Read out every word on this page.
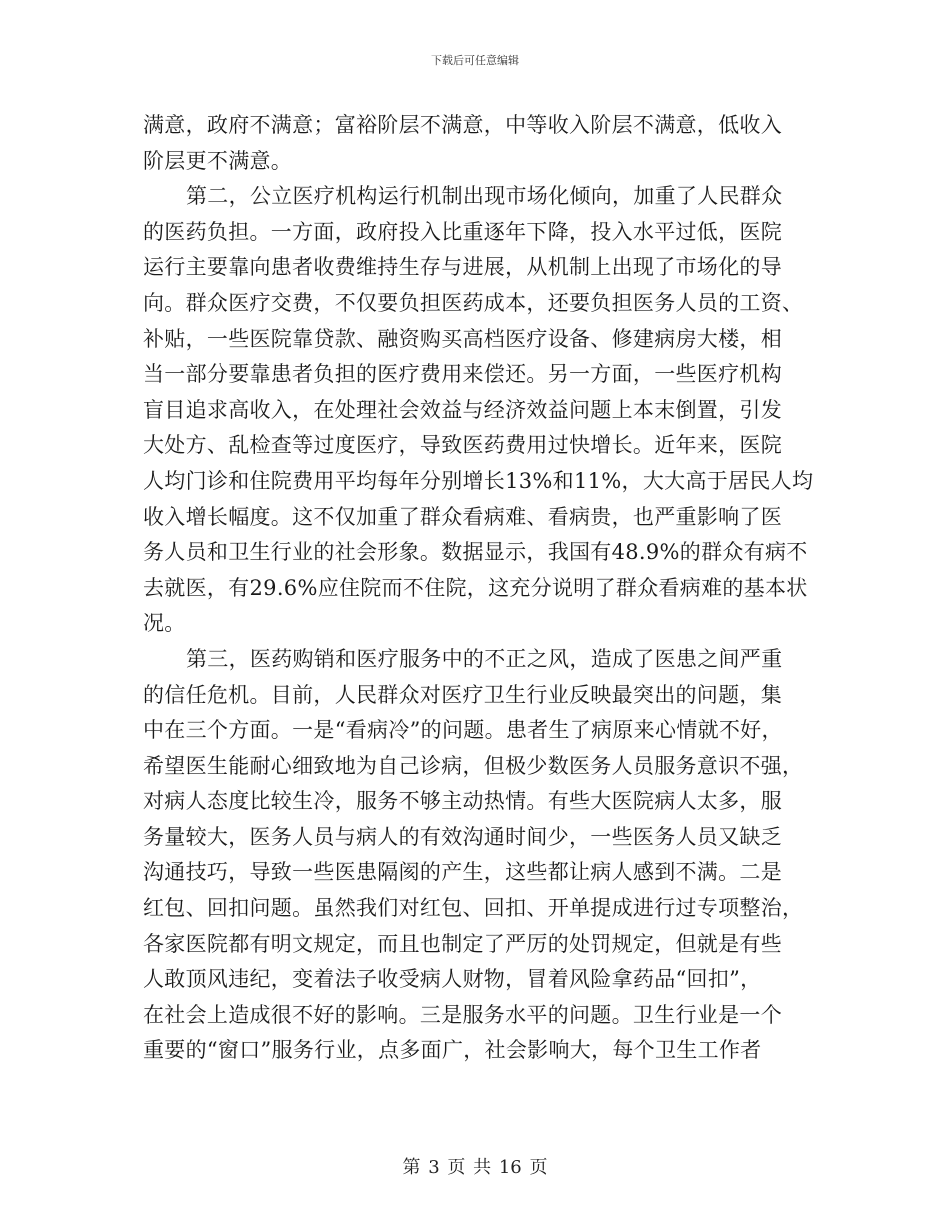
下载后可任意编辑
满意，政府不满意；富裕阶层不满意，中等收入阶层不满意，低收入
阶层更不满意。
第二，公立医疗机构运行机制出现市场化倾向，加重了人民群众
的医药负担。一方面，政府投入比重逐年下降，投入水平过低，医院
运行主要靠向患者收费维持生存与进展，从机制上出现了市场化的导
向。群众医疗交费，不仅要负担医药成本，还要负担医务人员的工资、
补贴，一些医院靠贷款、融资购买高档医疗设备、修建病房大楼，相
当一部分要靠患者负担的医疗费用来偿还。另一方面，一些医疗机构
盲目追求高收入，在处理社会效益与经济效益问题上本末倒置，引发
大处方、乱检查等过度医疗，导致医药费用过快增长。近年来，医院
人均门诊和住院费用平均每年分别增长13%和11%，大大高于居民人均
收入增长幅度。这不仅加重了群众看病难、看病贵，也严重影响了医
务人员和卫生行业的社会形象。数据显示，我国有48.9%的群众有病不
去就医，有29.6%应住院而不住院，这充分说明了群众看病难的基本状
况。
第三，医药购销和医疗服务中的不正之风，造成了医患之间严重
的信任危机。目前，人民群众对医疗卫生行业反映最突出的问题，集
中在三个方面。一是“看病冷”的问题。患者生了病原来心情就不好，
希望医生能耐心细致地为自己诊病，但极少数医务人员服务意识不强，
对病人态度比较生冷，服务不够主动热情。有些大医院病人太多，服
务量较大，医务人员与病人的有效沟通时间少，一些医务人员又缺乏
沟通技巧，导致一些医患隔阂的产生，这些都让病人感到不满。二是
红包、回扣问题。虽然我们对红包、回扣、开单提成进行过专项整治，
各家医院都有明文规定，而且也制定了严厉的处罚规定，但就是有些
人敢顶风违纪，变着法子收受病人财物，冒着风险拿药品“回扣”，
在社会上造成很不好的影响。三是服务水平的问题。卫生行业是一个
重要的“窗口”服务行业，点多面广，社会影响大，每个卫生工作者
第 3 页 共 16 页
